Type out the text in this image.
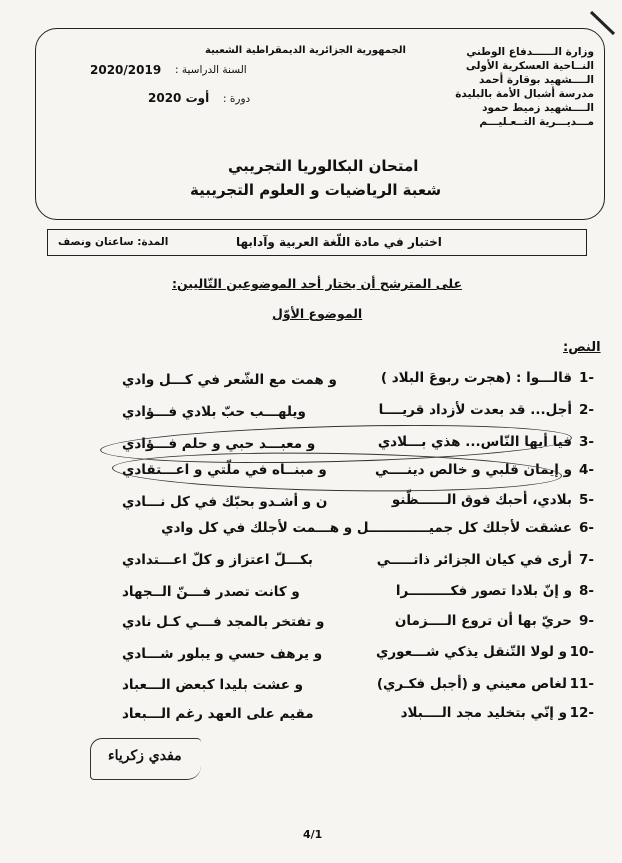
الجمهورية الجزائرية الديمقراطية الشعبية
السنة الدراسية :
2020/2019
دورة :
أوت 2020
وزارة الــــــدفاع الوطني
النــاحية العسكرية الأولى
الــــشهيد بوقارة أحمد
مدرسة أشبال الأمة بالبليدة
الــــشهيد زميط حمود
مـــديـــرية التــعـليـــم
امتحان البكالوريا التجريبي
شعبة الرياضيات و العلوم التجريبية
اختبار في مادة اللّغة العربية وآدابها
المدة: ساعتان ونصف
على المترشح أن يختار أحد الموضوعين التّاليين:
الموضوع الأوّل
النص:
1-
قالـــوا : (هجرت ربوعَ البلاد )
و همت مع الشّعر في كـــل وادي
2-
أجل... قد بعدت لأزداد قريــــا
ويلهـــب حبّ بلادي فـــؤادي
3-
فيا أيها النّاس... هذي بـــلادي
و معبـــد حبي و حلم فـــؤادي
4-
و إيمان قلبي و خالص دينــــي
و مبنــاه في ملّتي و اعـــتقادي
5-
بلادي، أحبك فوق الــــــظّنو
ن و أشـدو بحبّك في كل نـــادي
6-
عشقت لأجلك كل جميـــــــــــــل و هـــمت لأجلك في كل وادي
7-
أرى في كيان الجزائر ذاتـــــي
بكـــلّ اعتزاز و كلّ اعـــتدادي
8-
و إنّ بلادا تصور فكـــــــــرا
و كانت تصدر فـــنّ الــجهاد
9-
حريّ بها أن تروع الــــزمان
و تفتخر بالمجد فـــي كـل نادي
10-
و لولا التّنقل يذكي شـــعوري
و يرهف حسي و يبلور شـــادي
11-
لغاص معيني و (أجبل فكـري)
و عشت بليدا كبعض الـــعباد
12-
و إنّي بتخليد مجد الــــبلاد
مقيم على العهد رغم الـــبعاد
مفدي زكرياء
4/1
